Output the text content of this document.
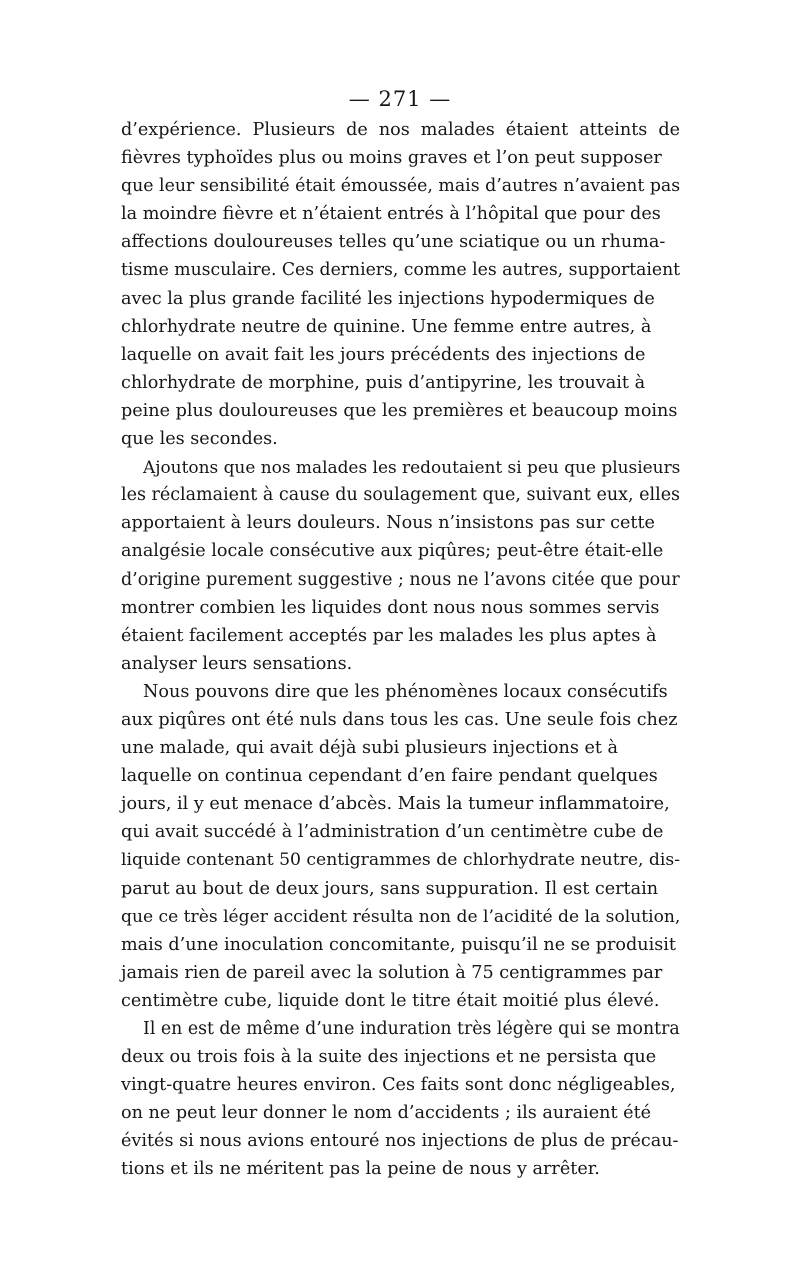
— 271 —
d’expérience. Plusieurs de nos malades étaient atteints de
fièvres typhoïdes plus ou moins graves et l’on peut supposer
que leur sensibilité était émoussée, mais d’autres n’avaient pas
la moindre fièvre et n’étaient entrés à l’hôpital que pour des
affections douloureuses telles qu’une sciatique ou un rhuma-
tisme musculaire. Ces derniers, comme les autres, supportaient
avec la plus grande facilité les injections hypodermiques de
chlorhydrate neutre de quinine. Une femme entre autres, à
laquelle on avait fait les jours précédents des injections de
chlorhydrate de morphine, puis d’antipyrine, les trouvait à
peine plus douloureuses que les premières et beaucoup moins
que les secondes.
Ajoutons que nos malades les redoutaient si peu que plusieurs
les réclamaient à cause du soulagement que, suivant eux, elles
apportaient à leurs douleurs. Nous n’insistons pas sur cette
analgésie locale consécutive aux piqûres; peut-être était-elle
d’origine purement suggestive ; nous ne l’avons citée que pour
montrer combien les liquides dont nous nous sommes servis
étaient facilement acceptés par les malades les plus aptes à
analyser leurs sensations.
Nous pouvons dire que les phénomènes locaux consécutifs
aux piqûres ont été nuls dans tous les cas. Une seule fois chez
une malade, qui avait déjà subi plusieurs injections et à
laquelle on continua cependant d’en faire pendant quelques
jours, il y eut menace d’abcès. Mais la tumeur inflammatoire,
qui avait succédé à l’administration d’un centimètre cube de
liquide contenant 50 centigrammes de chlorhydrate neutre, dis-
parut au bout de deux jours, sans suppuration. Il est certain
que ce très léger accident résulta non de l’acidité de la solution,
mais d’une inoculation concomitante, puisqu’il ne se produisit
jamais rien de pareil avec la solution à 75 centigrammes par
centimètre cube, liquide dont le titre était moitié plus élevé.
Il en est de même d’une induration très légère qui se montra
deux ou trois fois à la suite des injections et ne persista que
vingt-quatre heures environ. Ces faits sont donc négligeables,
on ne peut leur donner le nom d’accidents ; ils auraient été
évités si nous avions entouré nos injections de plus de précau-
tions et ils ne méritent pas la peine de nous y arrêter.
